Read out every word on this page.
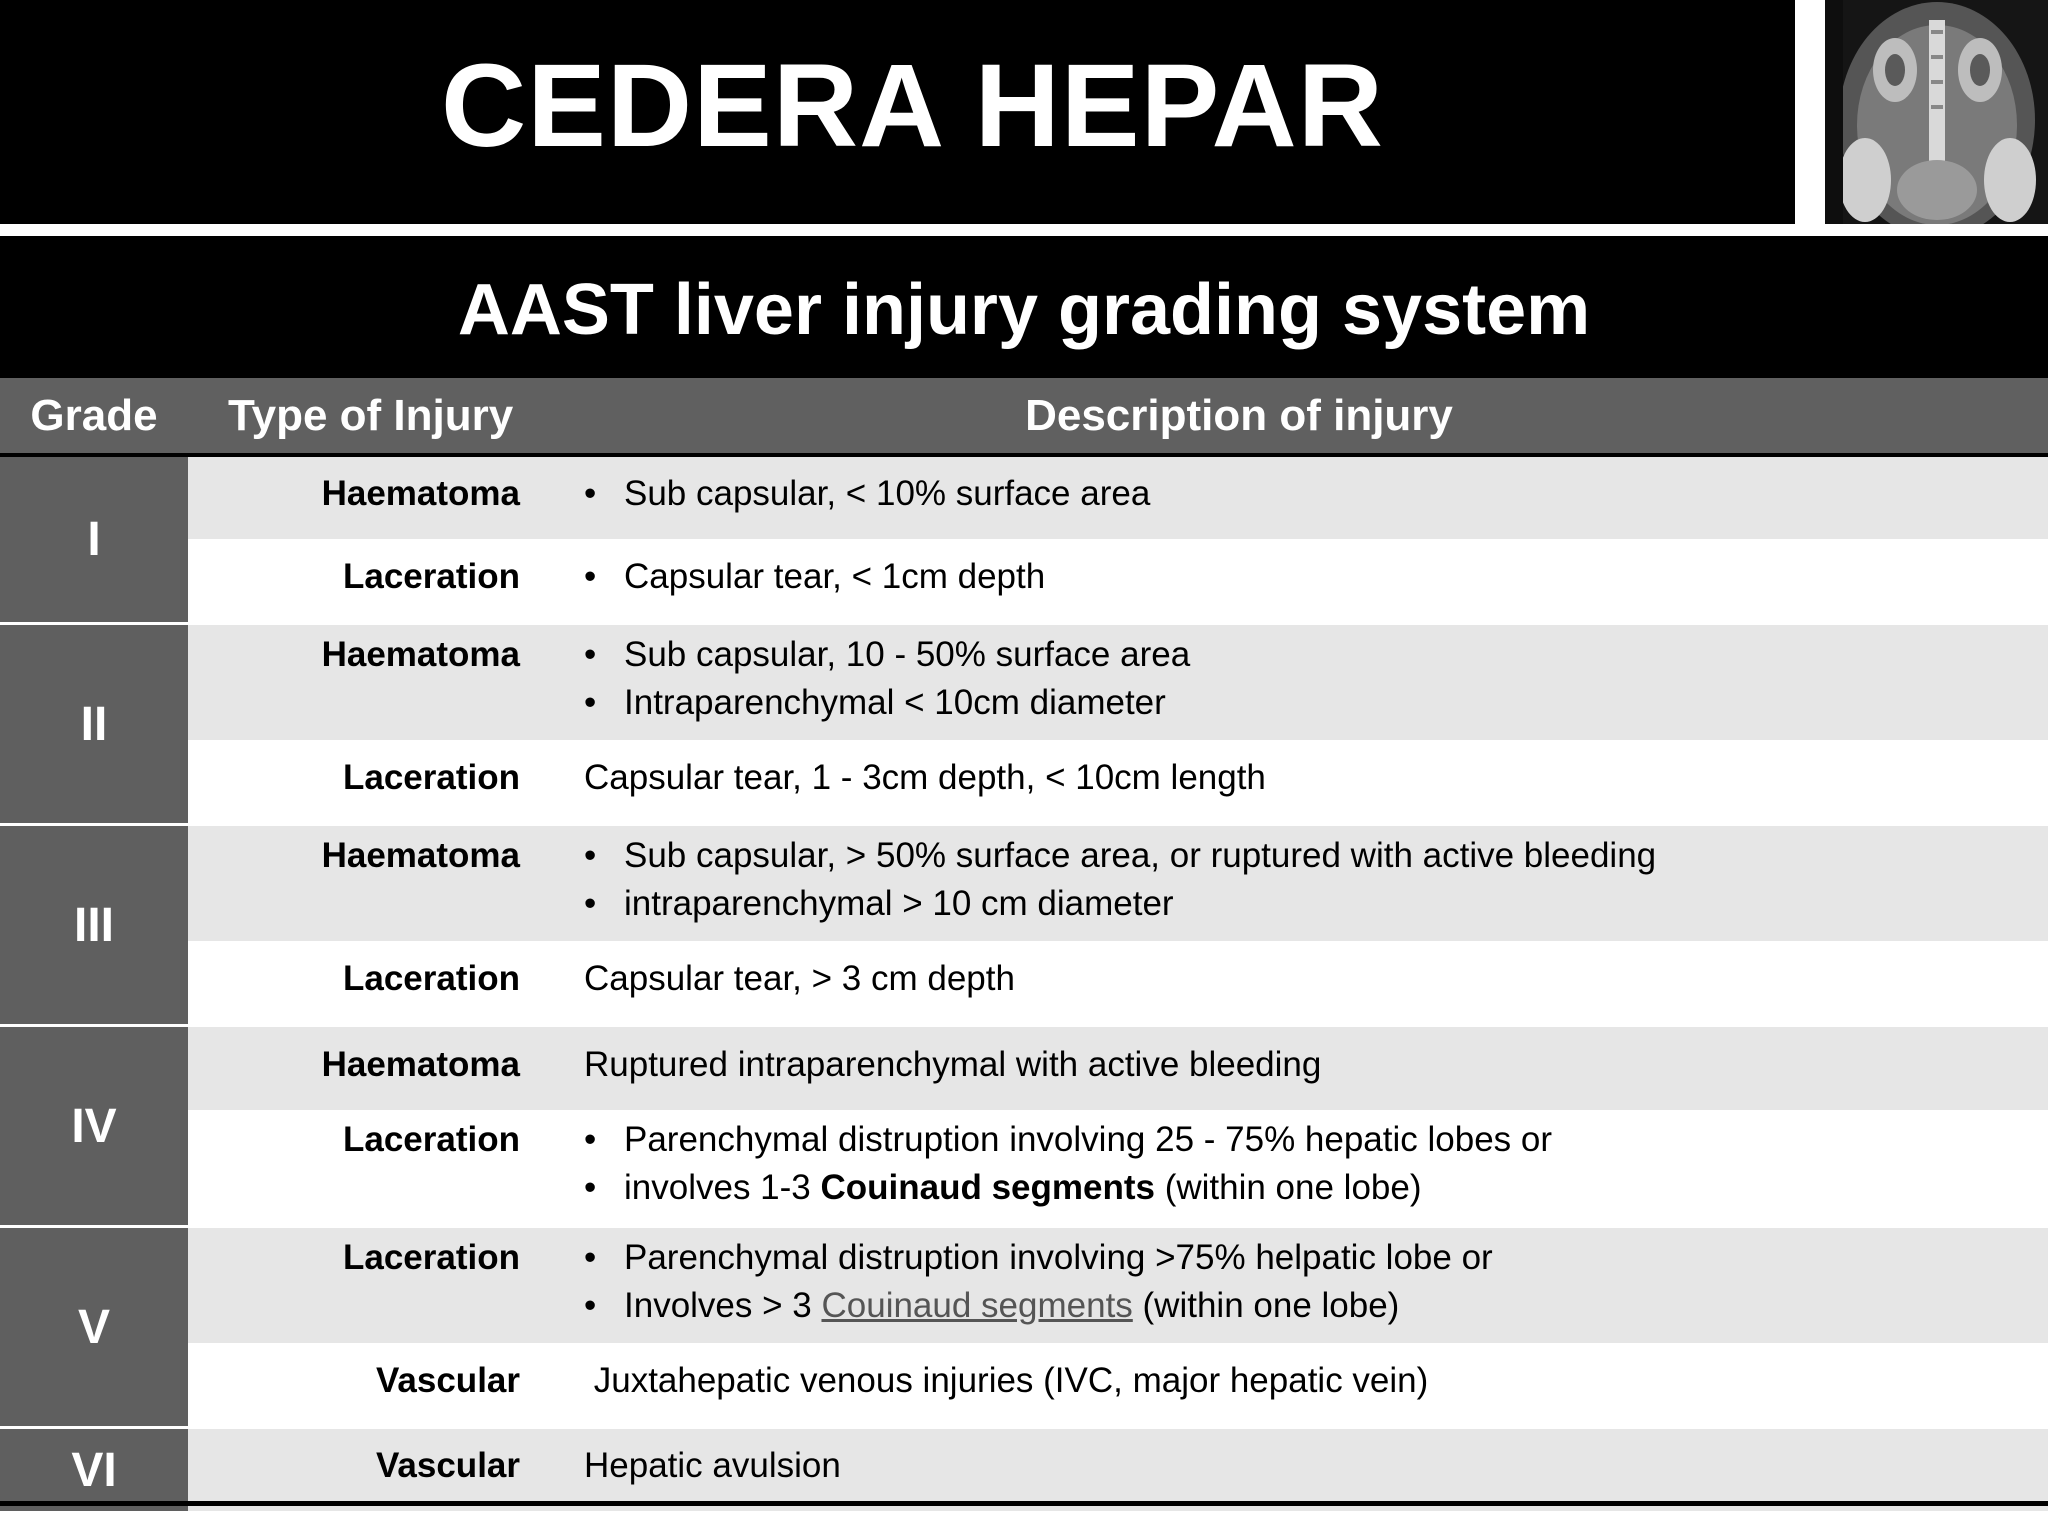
CEDERA HEPAR
AAST liver injury grading system
Grade	Type of Injury	Description of injury
I
Haematoma	• Sub capsular, < 10% surface area
Laceration	• Capsular tear, < 1cm depth
II
Haematoma	• Sub capsular, 10 - 50% surface area
• Intraparenchymal < 10cm diameter
Laceration	Capsular tear, 1 - 3cm depth, < 10cm length
III
Haematoma	• Sub capsular, > 50% surface area, or ruptured with active bleeding
• intraparenchymal > 10 cm diameter
Laceration	Capsular tear, > 3 cm depth
IV
Haematoma	Ruptured intraparenchymal with active bleeding
Laceration	• Parenchymal distruption involving 25 - 75% hepatic lobes or
• involves 1-3 Couinaud segments (within one lobe)
V
Laceration	• Parenchymal distruption involving >75% helpatic lobe or
• Involves > 3 Couinaud segments (within one lobe)
Vascular	Juxtahepatic venous injuries (IVC, major hepatic vein)
VI	Vascular	Hepatic avulsion
